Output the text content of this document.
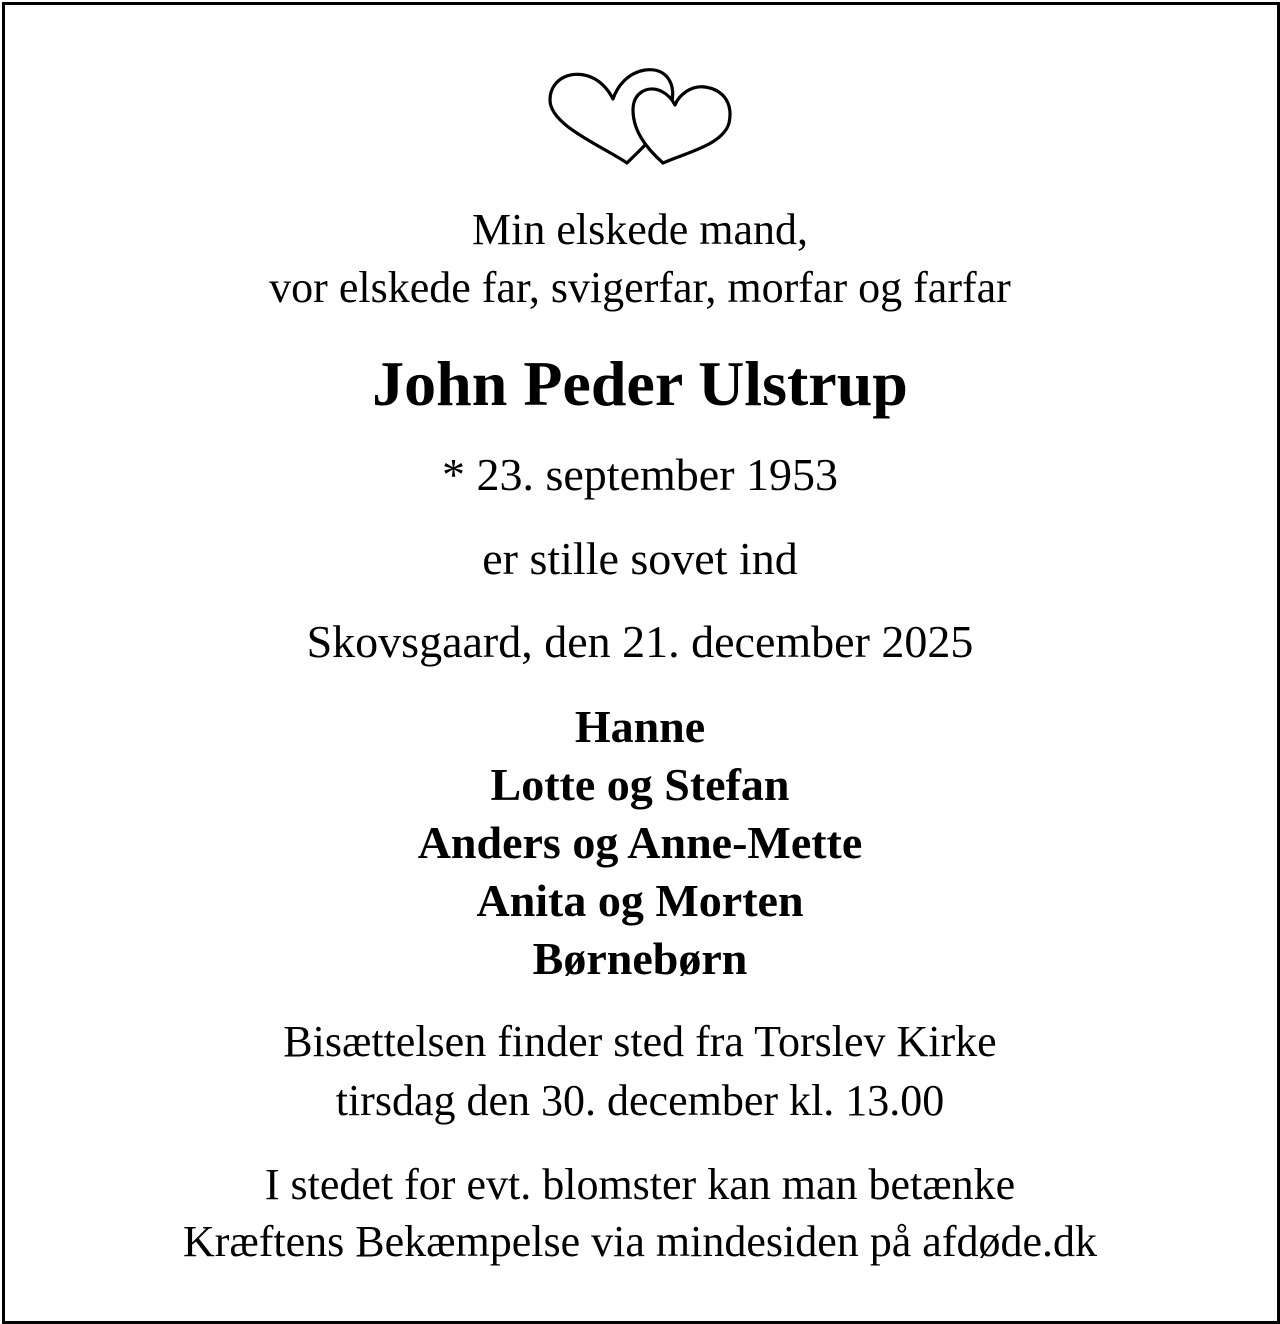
Min elskede mand,
vor elskede far, svigerfar, morfar og farfar
John Peder Ulstrup
* 23. september 1953
er stille sovet ind
Skovsgaard, den 21. december 2025
Hanne
Lotte og Stefan
Anders og Anne-Mette
Anita og Morten
Børnebørn
Bisættelsen finder sted fra Torslev Kirke
tirsdag den 30. december kl. 13.00
I stedet for evt. blomster kan man betænke
Kræftens Bekæmpelse via mindesiden på afdøde.dk
